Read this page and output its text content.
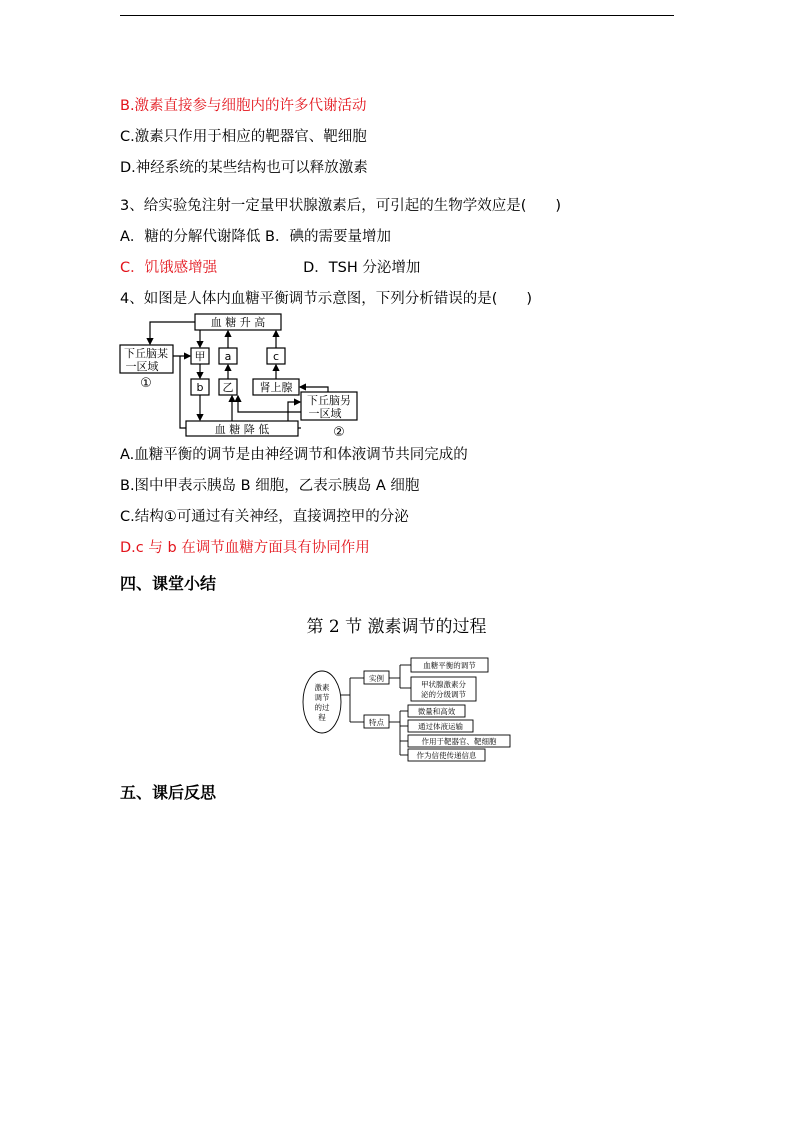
B.激素直接参与细胞内的许多代谢活动
C.激素只作用于相应的靶器官、靶细胞
D.神经系统的某些结构也可以释放激素
3、给实验兔注射一定量甲状腺激素后，可引起的生物学效应是(　　)
A．糖的分解代谢降低 B．碘的需要量增加
C．饥饿感增强	D．TSH 分泌增加
4、如图是人体内血糖平衡调节示意图，下列分析错误的是(　　)
血 糖 升 高
血 糖 降 低
下丘脑某
一区域
①
甲 a	c
b 乙 肾上腺
下丘脑另
一区域
②
A.血糖平衡的调节是由神经调节和体液调节共同完成的
B.图中甲表示胰岛 B 细胞，乙表示胰岛 A 细胞
C.结构①可通过有关神经，直接调控甲的分泌
D.c 与 b 在调节血糖方面具有协同作用
四、课堂小结
第 2 节 激素调节的过程
激素
调节
的过
程
实例
特点
血糖平衡的调节
甲状腺激素分
泌的分级调节
微量和高效
通过体液运输
作用于靶器官、靶细胞
作为信使传递信息
五、课后反思
